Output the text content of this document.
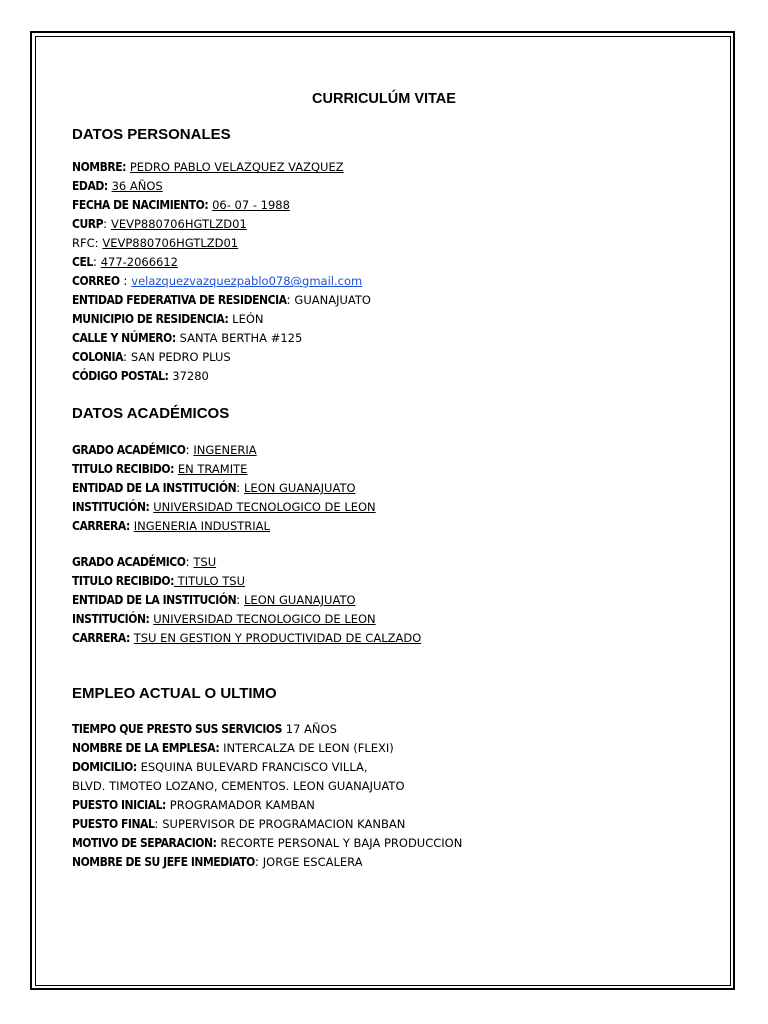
CURRICULÚM VITAE
DATOS PERSONALES
NOMBRE: PEDRO PABLO VELAZQUEZ VAZQUEZ
EDAD: 36 AÑOS
FECHA DE NACIMIENTO: 06- 07 - 1988
CURP: VEVP880706HGTLZD01
RFC: VEVP880706HGTLZD01
CEL: 477-2066612
CORREO : velazquezvazquezpablo078@gmail.com
ENTIDAD FEDERATIVA DE RESIDENCIA: GUANAJUATO
MUNICIPIO DE RESIDENCIA: LEÓN
CALLE Y NÚMERO: SANTA BERTHA #125
COLONIA: SAN PEDRO PLUS
CÓDIGO POSTAL: 37280
DATOS ACADÉMICOS
GRADO ACADÉMICO: INGENERIA
TITULO RECIBIDO: EN TRAMITE
ENTIDAD DE LA INSTITUCIÓN: LEON GUANAJUATO
INSTITUCIÓN: UNIVERSIDAD TECNOLOGICO DE LEON
CARRERA: INGENERIA INDUSTRIAL
GRADO ACADÉMICO: TSU
TITULO RECIBIDO: TITULO TSU
ENTIDAD DE LA INSTITUCIÓN: LEON GUANAJUATO
INSTITUCIÓN: UNIVERSIDAD TECNOLOGICO DE LEON
CARRERA: TSU EN GESTION Y PRODUCTIVIDAD DE CALZADO
EMPLEO ACTUAL O ULTIMO
TIEMPO QUE PRESTO SUS SERVICIOS 17 AÑOS
NOMBRE DE LA EMPLESA: INTERCALZA DE LEON (FLEXI)
DOMICILIO: ESQUINA BULEVARD FRANCISCO VILLA,
BLVD. TIMOTEO LOZANO, CEMENTOS. LEON GUANAJUATO
PUESTO INICIAL: PROGRAMADOR KAMBAN
PUESTO FINAL: SUPERVISOR DE PROGRAMACION KANBAN
MOTIVO DE SEPARACION: RECORTE PERSONAL Y BAJA PRODUCCION
NOMBRE DE SU JEFE INMEDIATO: JORGE ESCALERA
